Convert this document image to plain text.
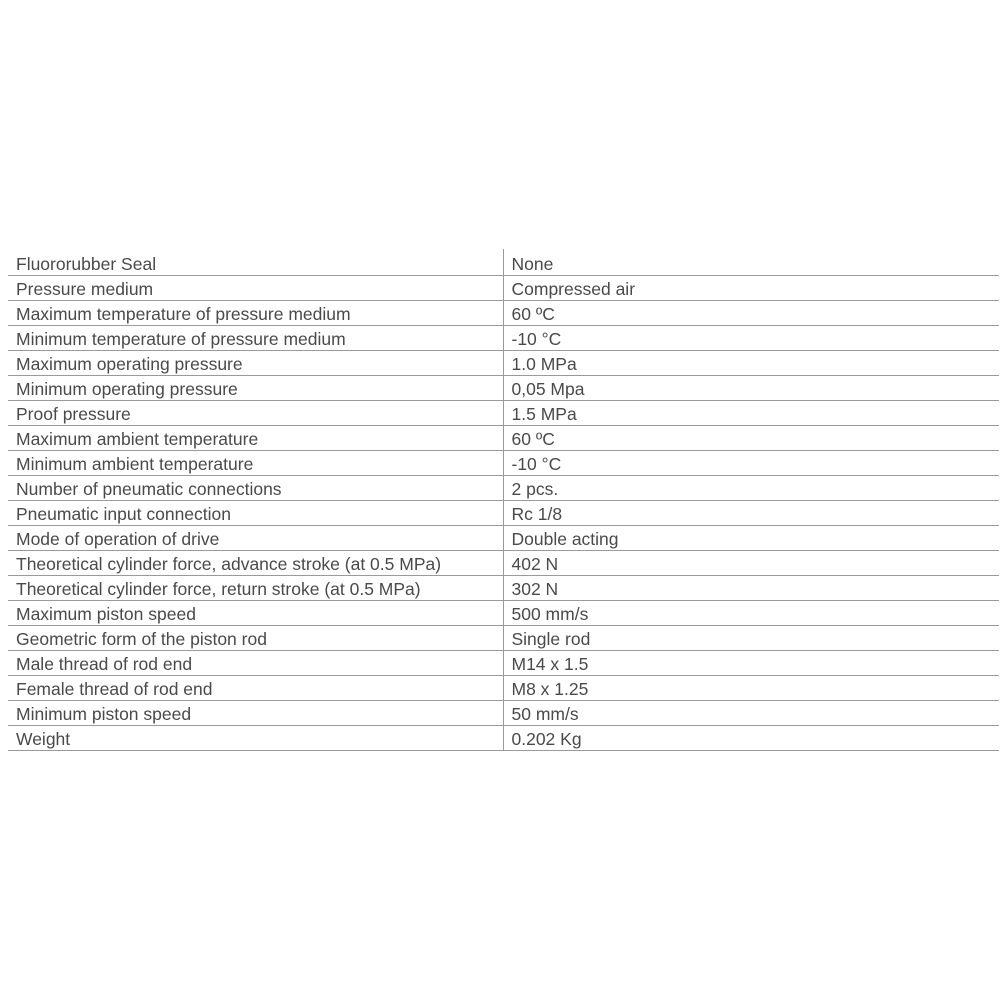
Fluororubber Seal	None
Pressure medium	Compressed air
Maximum temperature of pressure medium	60 ºC
Minimum temperature of pressure medium	-10 °C
Maximum operating pressure	1.0 MPa
Minimum operating pressure	0,05 Mpa
Proof pressure	1.5 MPa
Maximum ambient temperature	60 ºC
Minimum ambient temperature	-10 °C
Number of pneumatic connections	2 pcs.
Pneumatic input connection	Rc 1/8
Mode of operation of drive	Double acting
Theoretical cylinder force, advance stroke (at 0.5 MPa)	402 N
Theoretical cylinder force, return stroke (at 0.5 MPa)	302 N
Maximum piston speed	500 mm/s
Geometric form of the piston rod	Single rod
Male thread of rod end	M14 x 1.5
Female thread of rod end	M8 x 1.25
Minimum piston speed	50 mm/s
Weight	0.202 Kg
